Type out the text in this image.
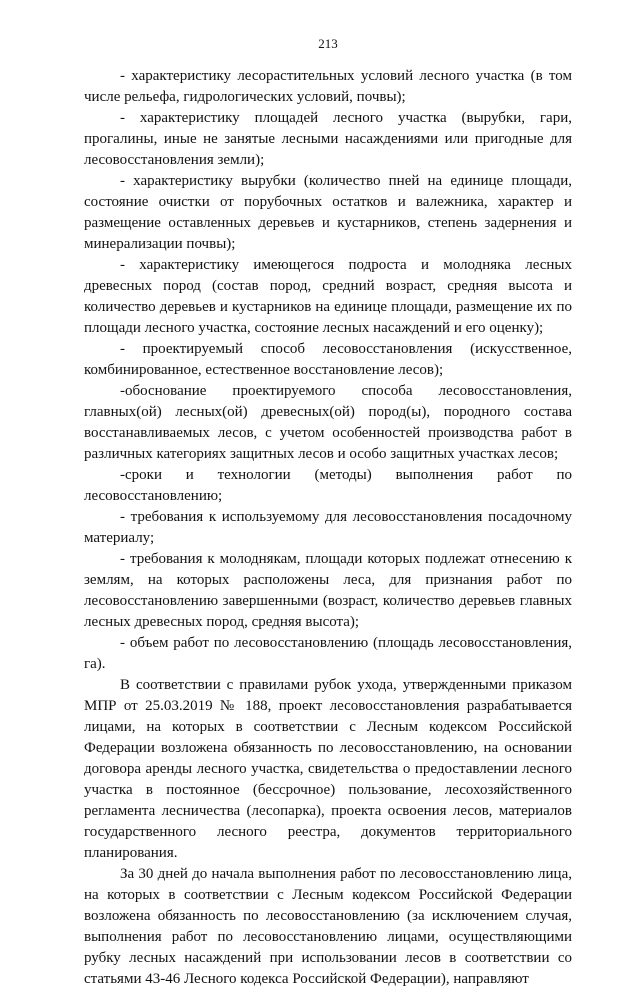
213

- характеристику лесорастительных условий лесного участка (в том числе рельефа, гидрологических условий, почвы);

- характеристику площадей лесного участка (вырубки, гари, прогалины, иные не занятые лесными насаждениями или пригодные для лесовосстановления земли);

- характеристику вырубки (количество пней на единице площади, состояние очистки от порубочных остатков и валежника, характер и размещение оставленных деревьев и кустарников, степень задернения и минерализации почвы);

- характеристику имеющегося подроста и молодняка лесных древесных пород (состав пород, средний возраст, средняя высота и количество деревьев и кустарников на единице площади, размещение их по площади лесного участка, состояние лесных насаждений и его оценку);

- проектируемый способ лесовосстановления (искусственное, комбинированное, естественное восстановление лесов);

-обоснование проектируемого способа лесовосстановления, главных(ой) лесных(ой) древесных(ой) пород(ы), породного состава восстанавливаемых лесов, с учетом особенностей производства работ в различных категориях защитных лесов и особо защитных участках лесов;

-сроки и технологии (методы) выполнения работ по лесовосстановлению;

- требования к используемому для лесовосстановления посадочному материалу;

- требования к молоднякам, площади которых подлежат отнесению к землям, на которых расположены леса, для признания работ по лесовосстановлению завершенными (возраст, количество деревьев главных лесных древесных пород, средняя высота);

- объем работ по лесовосстановлению (площадь лесовосстановления, га).

В соответствии с правилами рубок ухода, утвержденными приказом МПР от 25.03.2019 № 188, проект лесовосстановления разрабатывается лицами, на которых в соответствии с Лесным кодексом Российской Федерации возложена обязанность по лесовосстановлению, на основании договора аренды лесного участка, свидетельства о предоставлении лесного участка в постоянное (бессрочное) пользование, лесохозяйственного регламента лесничества (лесопарка), проекта освоения лесов, материалов государственного лесного реестра, документов территориального планирования.

За 30 дней до начала выполнения работ по лесовосстановлению лица, на которых в соответствии с Лесным кодексом Российской Федерации возложена обязанность по лесовосстановлению (за исключением случая, выполнения работ по лесовосстановлению лицами, осуществляющими рубку лесных насаждений при использовании лесов в соответствии со статьями 43-46 Лесного кодекса Российской Федерации), направляют
